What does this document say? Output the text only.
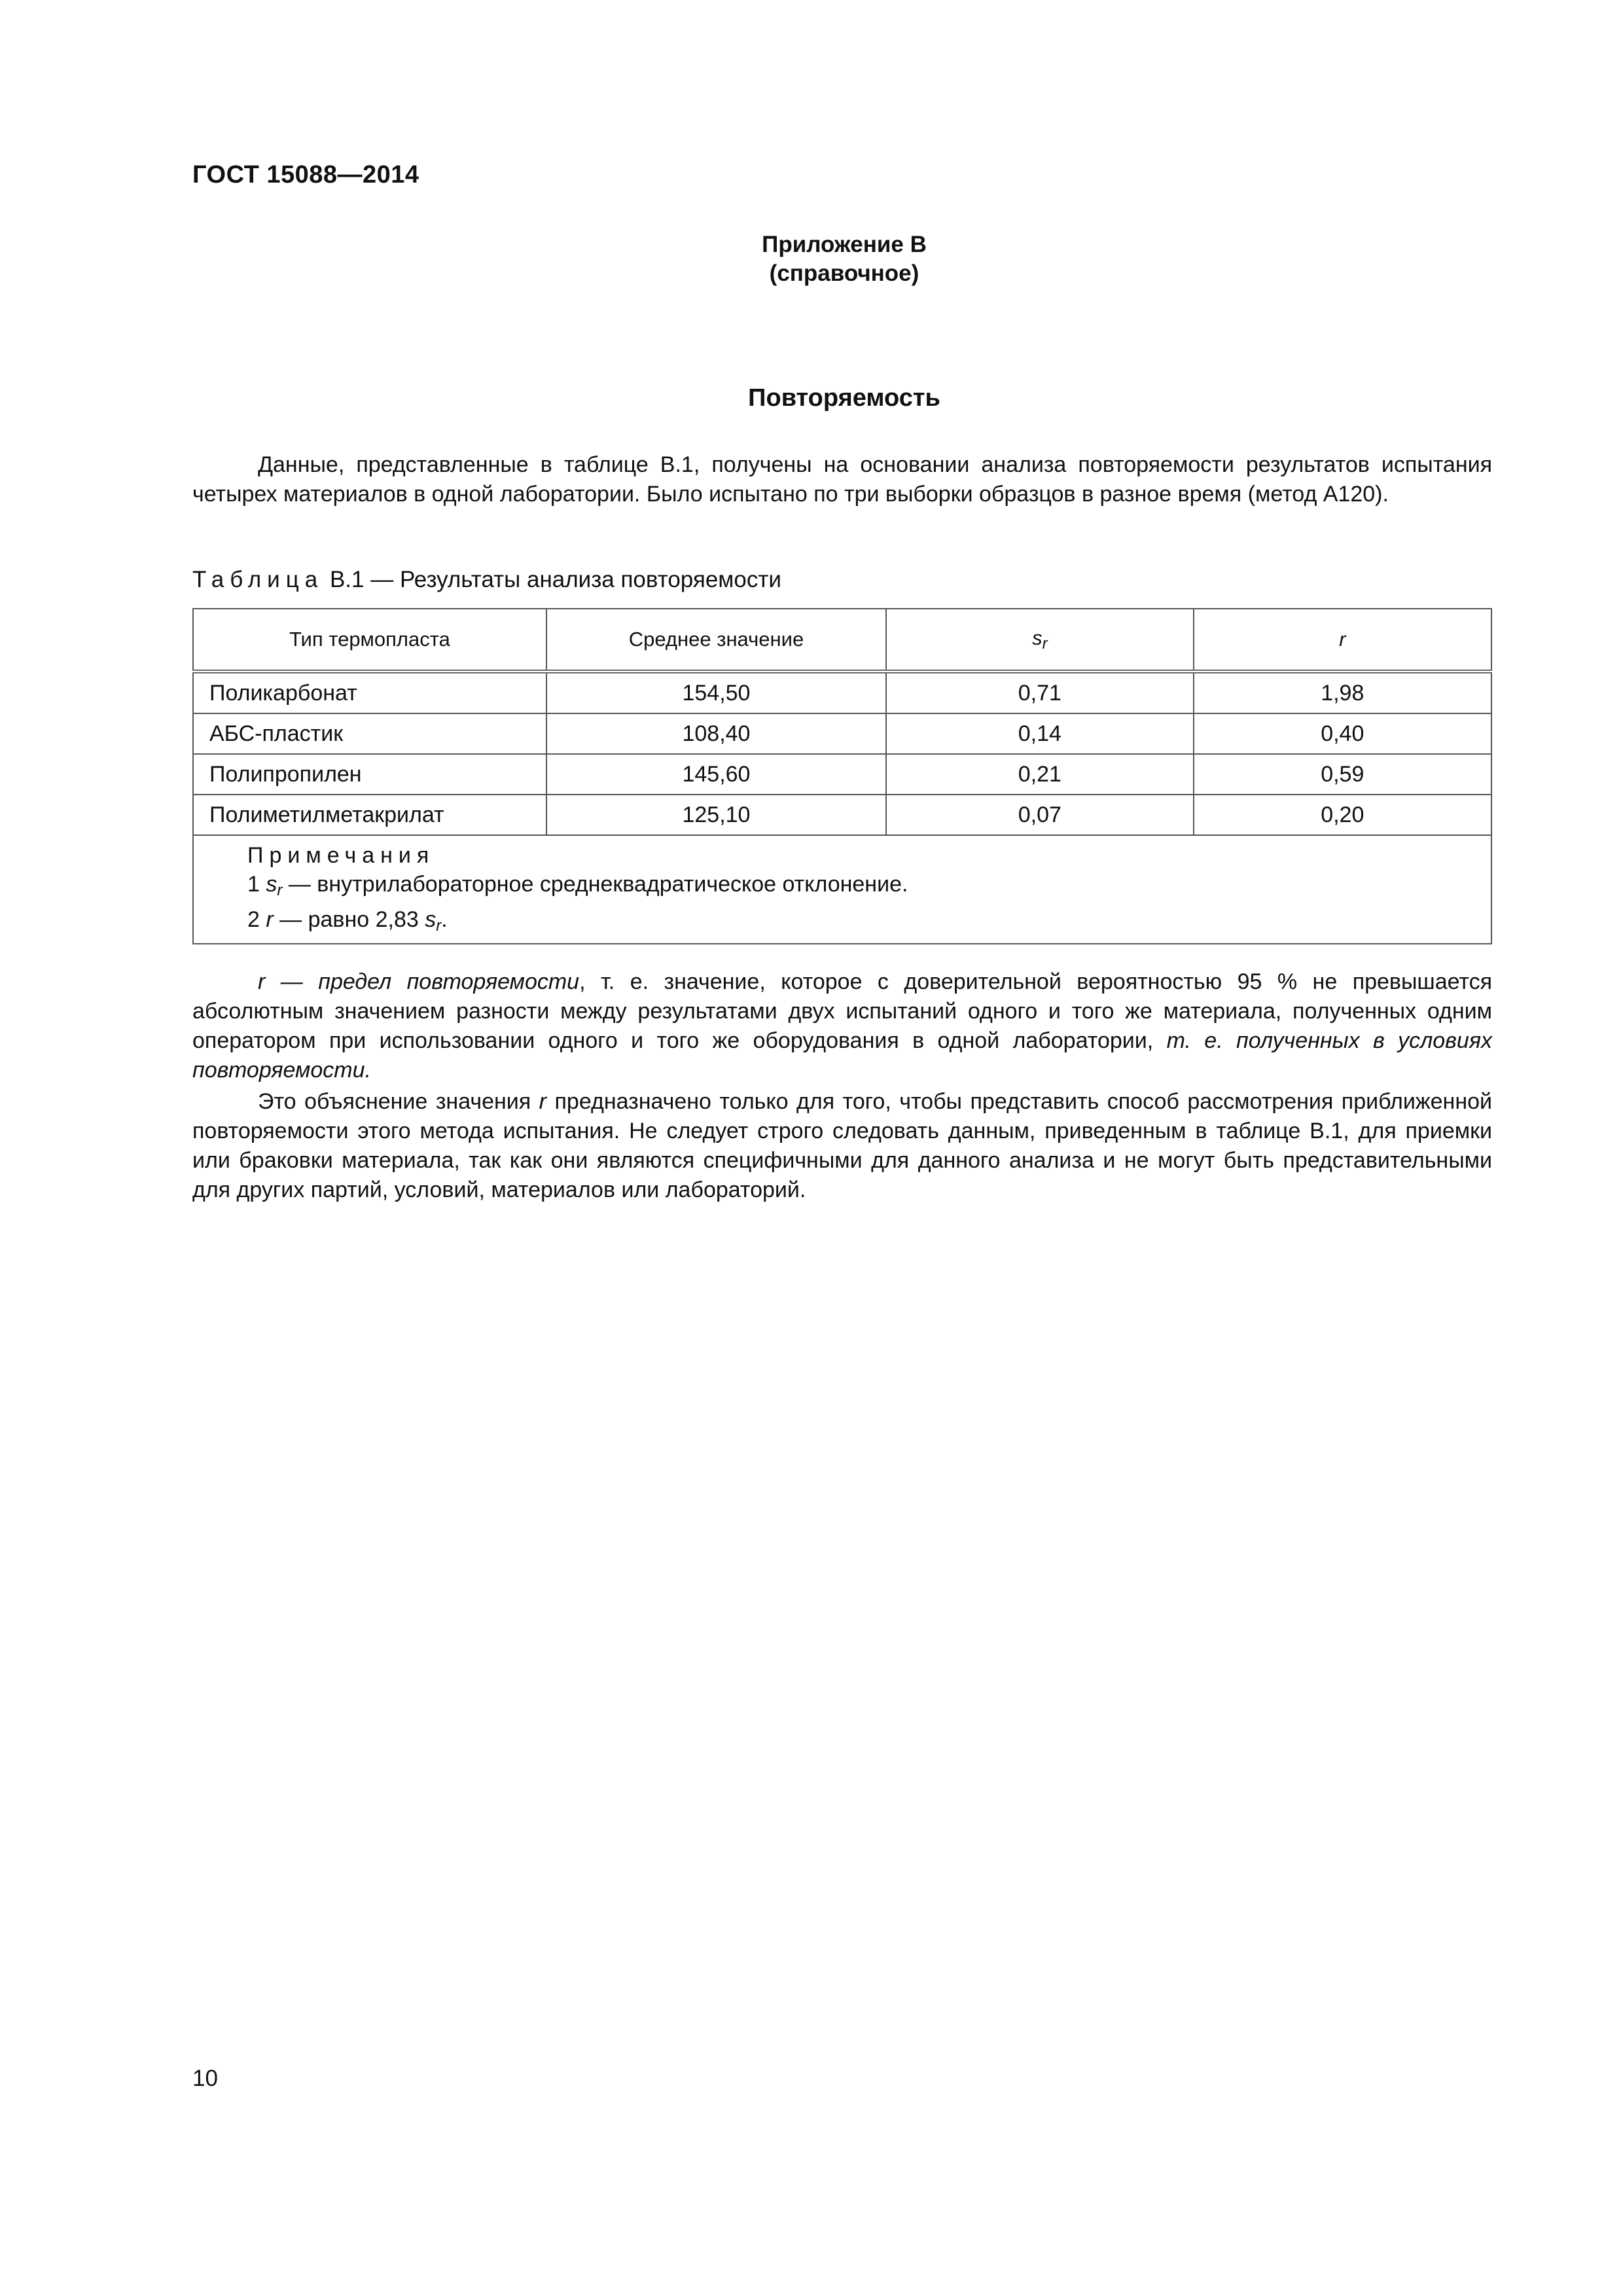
ГОСТ 15088—2014
Приложение В
(справочное)
Повторяемость
Данные, представленные в таблице В.1, получены на основании анализа повторяемости результатов испытания четырех материалов в одной лаборатории. Было испытано по три выборки образцов в разное время (метод А120).
Таблица В.1 — Результаты анализа повторяемости
Тип термопласта	Среднее значение	$s_r$	r
Поликарбонат	154,50	0,71	1,98
АБС-пластик	108,40	0,14	0,40
Полипропилен	145,60	0,21	0,59
Полиметилметакрилат	125,10	0,07	0,20

Примечания
1 $s_r$ — внутрилабораторное среднеквадратическое отклонение.
2 r — равно 2,83 $s_r$.			
r — предел повторяемости, т. е. значение, которое с доверительной вероятностью 95 % не превышается абсолютным значением разности между результатами двух испытаний одного и того же материала, полученных одним оператором при использовании одного и того же оборудования в одной лаборатории, т. е. полученных в условиях повторяемости.
Это объяснение значения r предназначено только для того, чтобы представить способ рассмотрения приближенной повторяемости этого метода испытания. Не следует строго следовать данным, приведенным в таблице В.1, для приемки или браковки материала, так как они являются специфичными для данного анализа и не могут быть представительными для других партий, условий, материалов или лабораторий.
10
